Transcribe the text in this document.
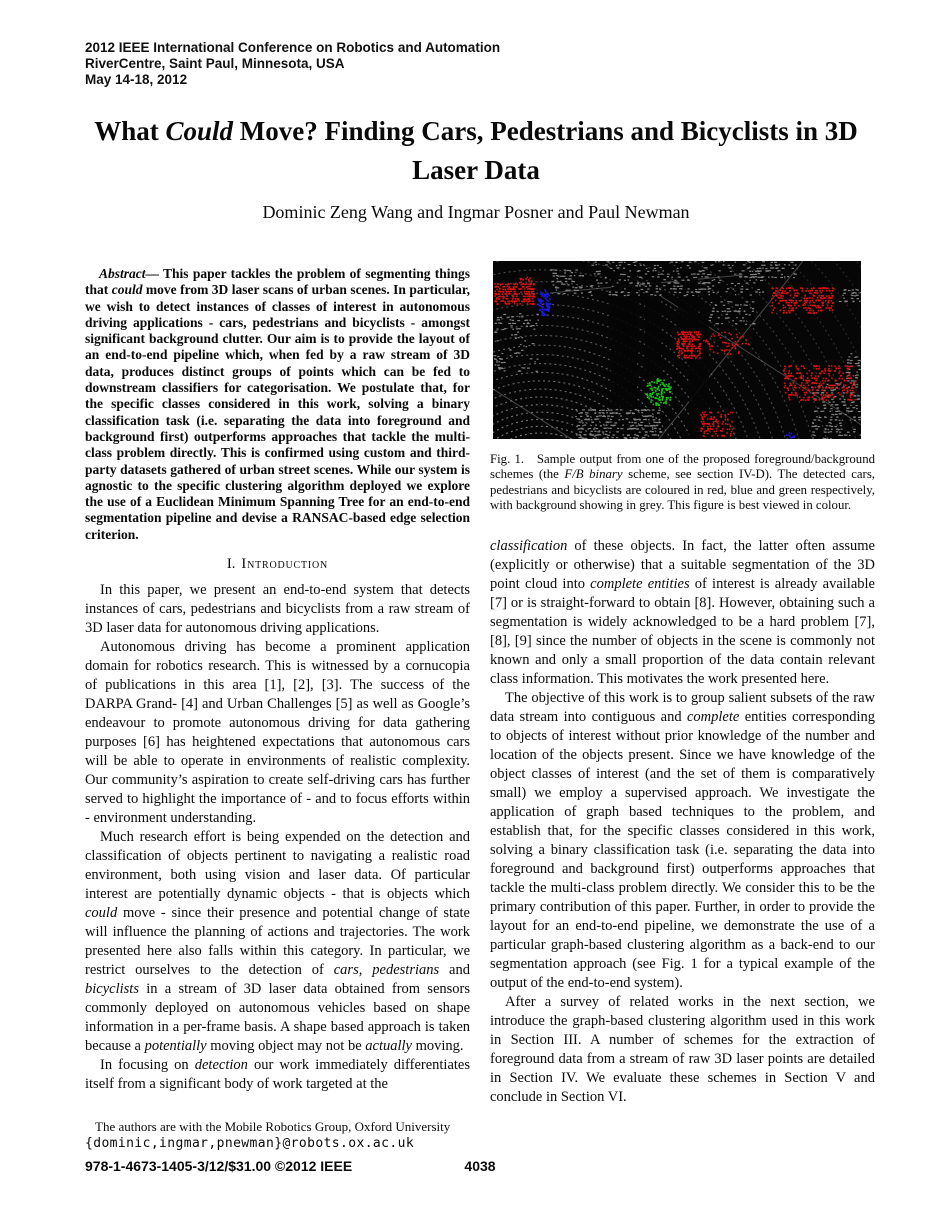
2012 IEEE International Conference on Robotics and Automation
RiverCentre, Saint Paul, Minnesota, USA
May 14-18, 2012
What Could Move? Finding Cars, Pedestrians and Bicyclists in 3D
Laser Data
Dominic Zeng Wang and Ingmar Posner and Paul Newman

Abstract— This paper tackles the problem of segmenting things that could move from 3D laser scans of urban scenes. In particular, we wish to detect instances of classes of interest in autonomous driving applications - cars, pedestrians and bicyclists - amongst significant background clutter. Our aim is to provide the layout of an end-to-end pipeline which, when fed by a raw stream of 3D data, produces distinct groups of points which can be fed to downstream classifiers for categorisation. We postulate that, for the specific classes considered in this work, solving a binary classification task (i.e. separating the data into foreground and background first) outperforms approaches that tackle the multi-class problem directly. This is confirmed using custom and third-party datasets gathered of urban street scenes. While our system is agnostic to the specific clustering algorithm deployed we explore the use of a Euclidean Minimum Spanning Tree for an end-to-end segmentation pipeline and devise a RANSAC-based edge selection criterion.

I. Introduction

In this paper, we present an end-to-end system that detects instances of cars, pedestrians and bicyclists from a raw stream of 3D laser data for autonomous driving applications.

Autonomous driving has become a prominent application domain for robotics research. This is witnessed by a cornucopia of publications in this area [1], [2], [3]. The success of the DARPA Grand- [4] and Urban Challenges [5] as well as Google’s endeavour to promote autonomous driving for data gathering purposes [6] has heightened expectations that autonomous cars will be able to operate in environments of realistic complexity. Our community’s aspiration to create self-driving cars has further served to highlight the importance of - and to focus efforts within - environment understanding.

Much research effort is being expended on the detection and classification of objects pertinent to navigating a realistic road environment, both using vision and laser data. Of particular interest are potentially dynamic objects - that is objects which could move - since their presence and potential change of state will influence the planning of actions and trajectories. The work presented here also falls within this category. In particular, we restrict ourselves to the detection of cars, pedestrians and bicyclists in a stream of 3D laser data obtained from sensors commonly deployed on autonomous vehicles based on shape information in a per-frame basis. A shape based approach is taken because a potentially moving object may not be actually moving.

In focusing on detection our work immediately differentiates itself from a significant body of work targeted at the

The authors are with the Mobile Robotics Group, Oxford University

{dominic,ingmar,pnewman}@robots.ox.ac.uk

Fig. 1.   Sample output from one of the proposed foreground/background schemes (the F/B binary scheme, see section IV-D). The detected cars, pedestrians and bicyclists are coloured in red, blue and green respectively, with background showing in grey. This figure is best viewed in colour.

classification of these objects. In fact, the latter often assume (explicitly or otherwise) that a suitable segmentation of the 3D point cloud into complete entities of interest is already available [7] or is straight-forward to obtain [8]. However, obtaining such a segmentation is widely acknowledged to be a hard problem [7], [8], [9] since the number of objects in the scene is commonly not known and only a small proportion of the data contain relevant class information. This motivates the work presented here.

The objective of this work is to group salient subsets of the raw data stream into contiguous and complete entities corresponding to objects of interest without prior knowledge of the number and location of the objects present. Since we have knowledge of the object classes of interest (and the set of them is comparatively small) we employ a supervised approach. We investigate the application of graph based techniques to the problem, and establish that, for the specific classes considered in this work, solving a binary classification task (i.e. separating the data into foreground and background first) outperforms approaches that tackle the multi-class problem directly. We consider this to be the primary contribution of this paper. Further, in order to provide the layout for an end-to-end pipeline, we demonstrate the use of a particular graph-based clustering algorithm as a back-end to our segmentation approach (see Fig. 1 for a typical example of the output of the end-to-end system).

After a survey of related works in the next section, we introduce the graph-based clustering algorithm used in this work in Section III. A number of schemes for the extraction of foreground data from a stream of raw 3D laser points are detailed in Section IV. We evaluate these schemes in Section V and conclude in Section VI.

978-1-4673-1405-3/12/$31.00 ©2012 IEEE	4038
